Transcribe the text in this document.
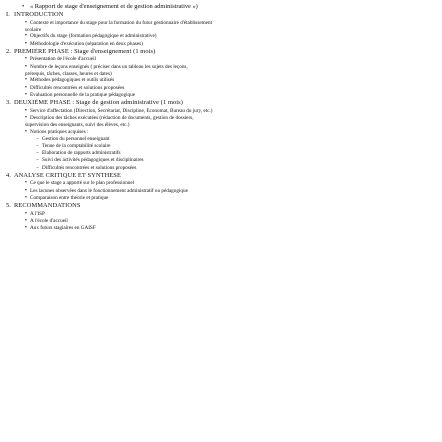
• « Rapport de stage d'enseignement et de gestion administrative »)
I. INTRODUCTION
• Contexte et importance du stage pour la formation du futur gestionnaire d'établissement
scolaire
• Objectifs du stage (formation pédagogique et administrative)
• Méthodologie d'exécution (séparation en deux phases)
2. PREMIÈRE PHASE : Stage d'enseignement (1 mois)
• Présentation de l'école d'accueil
• Nombre de leçons enseignés ( préciser dans un tableau les sujets des leçons,
prérequis, tâches, classes, heures et dates)
• Méthodes pédagogiques et outils utilisés
• Difficultés rencontrées et solutions proposées
• Évaluation personnelle de la pratique pédagogique
3. DEUXIÈME PHASE : Stage de gestion administrative (1 mois)
• Service d'affectation (Direction, Secrétariat, Discipline, Économat, Bureau du jury, etc.)
• Description des tâches exécutées (rédaction de documents, gestion de dossiers,
supervision des enseignants, suivi des élèves, etc.)
• Notions pratiques acquises :
– Gestion du personnel enseignant
– Tenue de la comptabilité scolaire
– Élaboration de rapports administratifs
– Suivi des activités pédagogiques et disciplinaires
– Difficultés rencontrées et solutions proposées
4. ANALYSE CRITIQUE ET SYNTHESE
• Ce que le stage a apporté sur le plan professionnel
• Les lacunes observées dans le fonctionnement administratif ou pédagogique
• Comparaison entre théorie et pratique
5. RECOMMANDATIONS
• À l'ISP
• À l'école d'accueil
• Aux futurs stagiaires en GAISF
